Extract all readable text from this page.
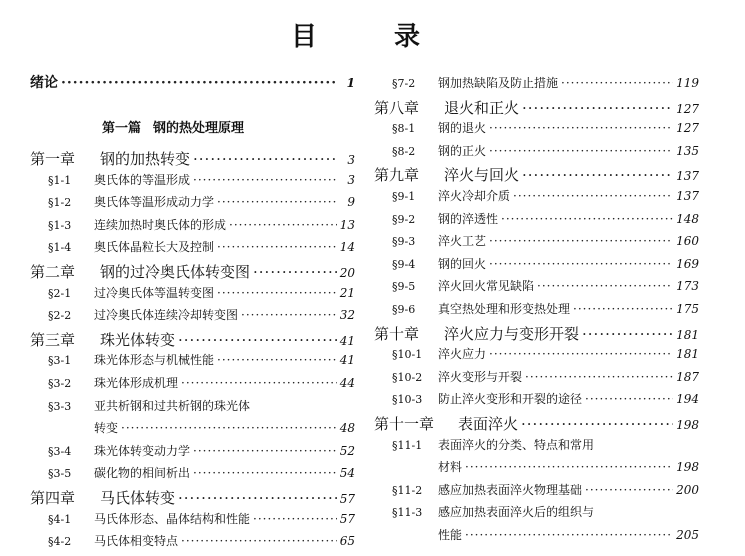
目 录
绪论 ·····	1
第一篇 钢的热处理原理
第一章	钢的加热转变 ·····	3
§1-1	奥氏体的等温形成 ·····	3
§1-2	奥氏体等温形成动力学 ·····	9
§1-3	连续加热时奥氏体的形成 ·····	13
§1-4	奥氏体晶粒长大及控制 ·····	14
第二章	钢的过冷奥氏体转变图 ·····	20
§2-1	过冷奥氏体等温转变图 ·····	21
§2-2	过冷奥氏体连续冷却转变图 ·····	32
第三章	珠光体转变 ·····	41
§3-1	珠光体形态与机械性能 ·····	41
§3-2	珠光体形成机理 ·····	44
§3-3	亚共析钢和过共析钢的珠光体
转变 ·····	48
§3-4	珠光体转变动力学 ·····	52
§3-5	碳化物的相间析出 ·····	54
第四章	马氏体转变 ·····	57
§4-1	马氏体形态、晶体结构和性能 ·····	57
§4-2	马氏体相变特点 ·····	65
§7-2	钢加热缺陷及防止措施 ·····	119
第八章	退火和正火 ·····	127
§8-1	钢的退火 ·····	127
§8-2	钢的正火 ·····	135
第九章	淬火与回火 ·····	137
§9-1	淬火冷却介质 ·····	137
§9-2	钢的淬透性 ·····	148
§9-3	淬火工艺 ·····	160
§9-4	钢的回火 ·····	169
§9-5	淬火回火常见缺陷 ·····	173
§9-6	真空热处理和形变热处理 ·····	175
第十章	淬火应力与变形开裂 ·····	181
§10-1	淬火应力 ·····	181
§10-2	淬火变形与开裂 ·····	187
§10-3	防止淬火变形和开裂的途径 ·····	194
第十一章	表面淬火 ·····	198
§11-1	表面淬火的分类、特点和常用
材料 ·····	198
§11-2	感应加热表面淬火物理基础 ·····	200
§11-3	感应加热表面淬火后的组织与
性能 ·····	205
